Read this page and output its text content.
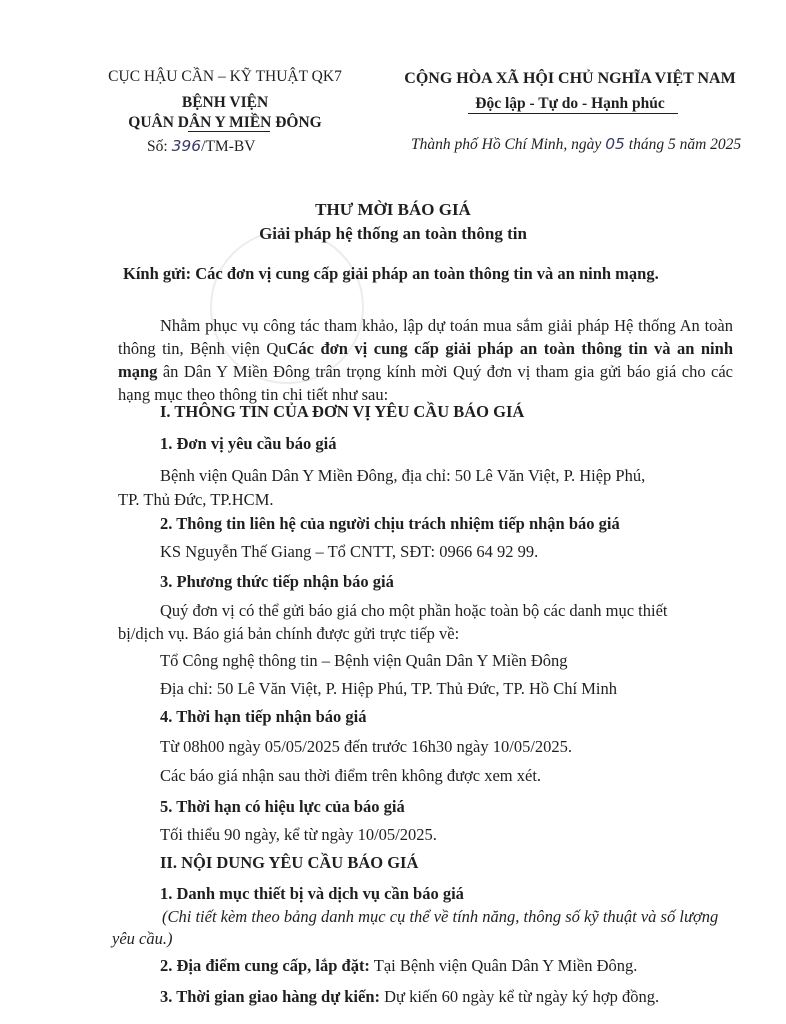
CỤC HẬU CẦN – KỸ THUẬT QK7
BỆNH VIỆN
QUÂN DÂN Y MIỀN ĐÔNG
Số: 396/TM-BV
CỘNG HÒA XÃ HỘI CHỦ NGHĨA VIỆT NAM
Độc lập - Tự do - Hạnh phúc
Thành phố Hồ Chí Minh, ngày 05 tháng 5 năm 2025
THƯ MỜI BÁO GIÁ
Giải pháp hệ thống an toàn thông tin
Kính gửi: Các đơn vị cung cấp giải pháp an toàn thông tin và an ninh mạng.
Nhằm phục vụ công tác tham khảo, lập dự toán mua sắm giải pháp Hệ thống An toàn thông tin, Bệnh viện QuCác đơn vị cung cấp giải pháp an toàn thông tin và an ninh mạng ân Dân Y Miền Đông trân trọng kính mời Quý đơn vị tham gia gửi báo giá cho các hạng mục theo thông tin chi tiết như sau:
I. THÔNG TIN CỦA ĐƠN VỊ YÊU CẦU BÁO GIÁ
1. Đơn vị yêu cầu báo giá
Bệnh viện Quân Dân Y Miền Đông, địa chỉ: 50 Lê Văn Việt, P. Hiệp Phú,
TP. Thủ Đức, TP.HCM.
2. Thông tin liên hệ của người chịu trách nhiệm tiếp nhận báo giá
KS Nguyễn Thế Giang – Tổ CNTT, SĐT: 0966 64 92 99.
3. Phương thức tiếp nhận báo giá
Quý đơn vị có thể gửi báo giá cho một phần hoặc toàn bộ các danh mục thiết
bị/dịch vụ. Báo giá bản chính được gửi trực tiếp về:
Tổ Công nghệ thông tin – Bệnh viện Quân Dân Y Miền Đông
Địa chỉ: 50 Lê Văn Việt, P. Hiệp Phú, TP. Thủ Đức, TP. Hồ Chí Minh
4. Thời hạn tiếp nhận báo giá
Từ 08h00 ngày 05/05/2025 đến trước 16h30 ngày 10/05/2025.
Các báo giá nhận sau thời điểm trên không được xem xét.
5. Thời hạn có hiệu lực của báo giá
Tối thiểu 90 ngày, kể từ ngày 10/05/2025.
II. NỘI DUNG YÊU CẦU BÁO GIÁ
1. Danh mục thiết bị và dịch vụ cần báo giá
(Chi tiết kèm theo bảng danh mục cụ thể về tính năng, thông số kỹ thuật và số lượng yêu cầu.)
2. Địa điểm cung cấp, lắp đặt: Tại Bệnh viện Quân Dân Y Miền Đông.
3. Thời gian giao hàng dự kiến: Dự kiến 60 ngày kể từ ngày ký hợp đồng.
